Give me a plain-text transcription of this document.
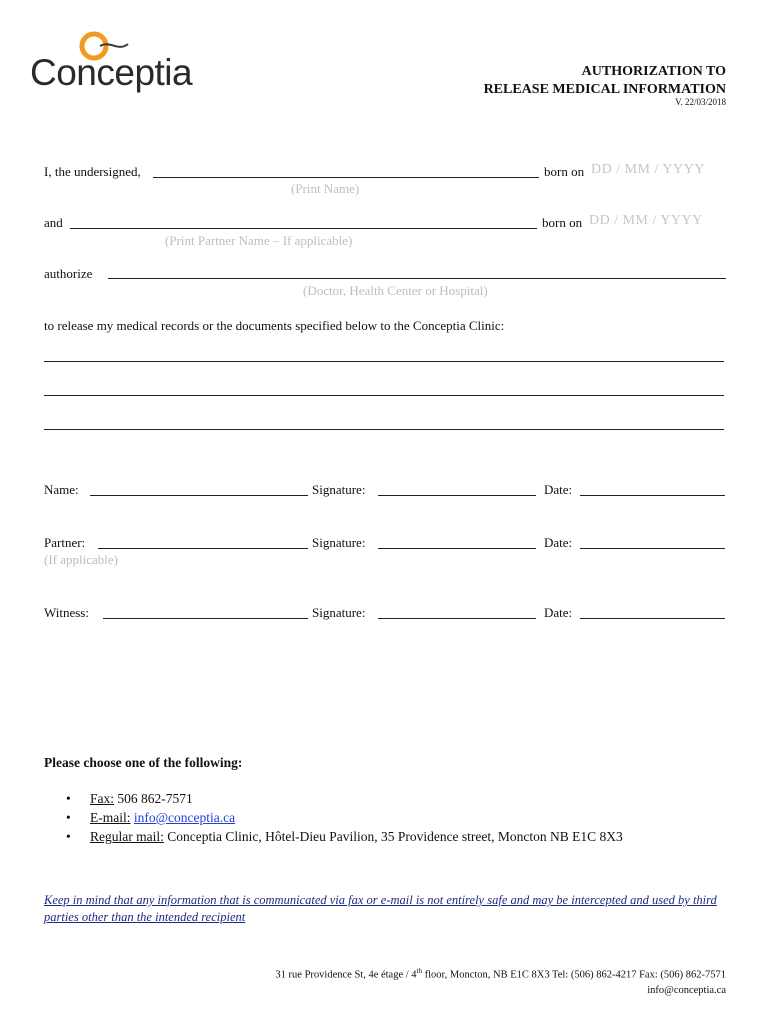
Conceptia	AUTHORIZATION TO
RELEASE MEDICAL INFORMATION
V. 22/03/2018
I, the undersigned,	born on DD / MM / YYYY
(Print Name)
and	born on DD / MM / YYYY
(Print Partner Name – If applicable)
authorize
(Doctor, Health Center or Hospital)
to release my medical records or the documents specified below to the Conceptia Clinic:
Name:	Signature:	Date:
Partner:	Signature:	Date:
(If applicable)
Witness:	Signature:	Date:
Please choose one of the following:
• Fax: 506 862-7571
• E-mail: info@conceptia.ca
• Regular mail: Conceptia Clinic, Hôtel-Dieu Pavilion, 35 Providence street, Moncton NB E1C 8X3
Keep in mind that any information that is communicated via fax or e-mail is not entirely safe and may be intercepted and used by third parties other than the intended recipient
31 rue Providence St, 4e étage / 4th floor, Moncton, NB E1C 8X3 Tel: (506) 862-4217 Fax: (506) 862-7571
info@conceptia.ca
